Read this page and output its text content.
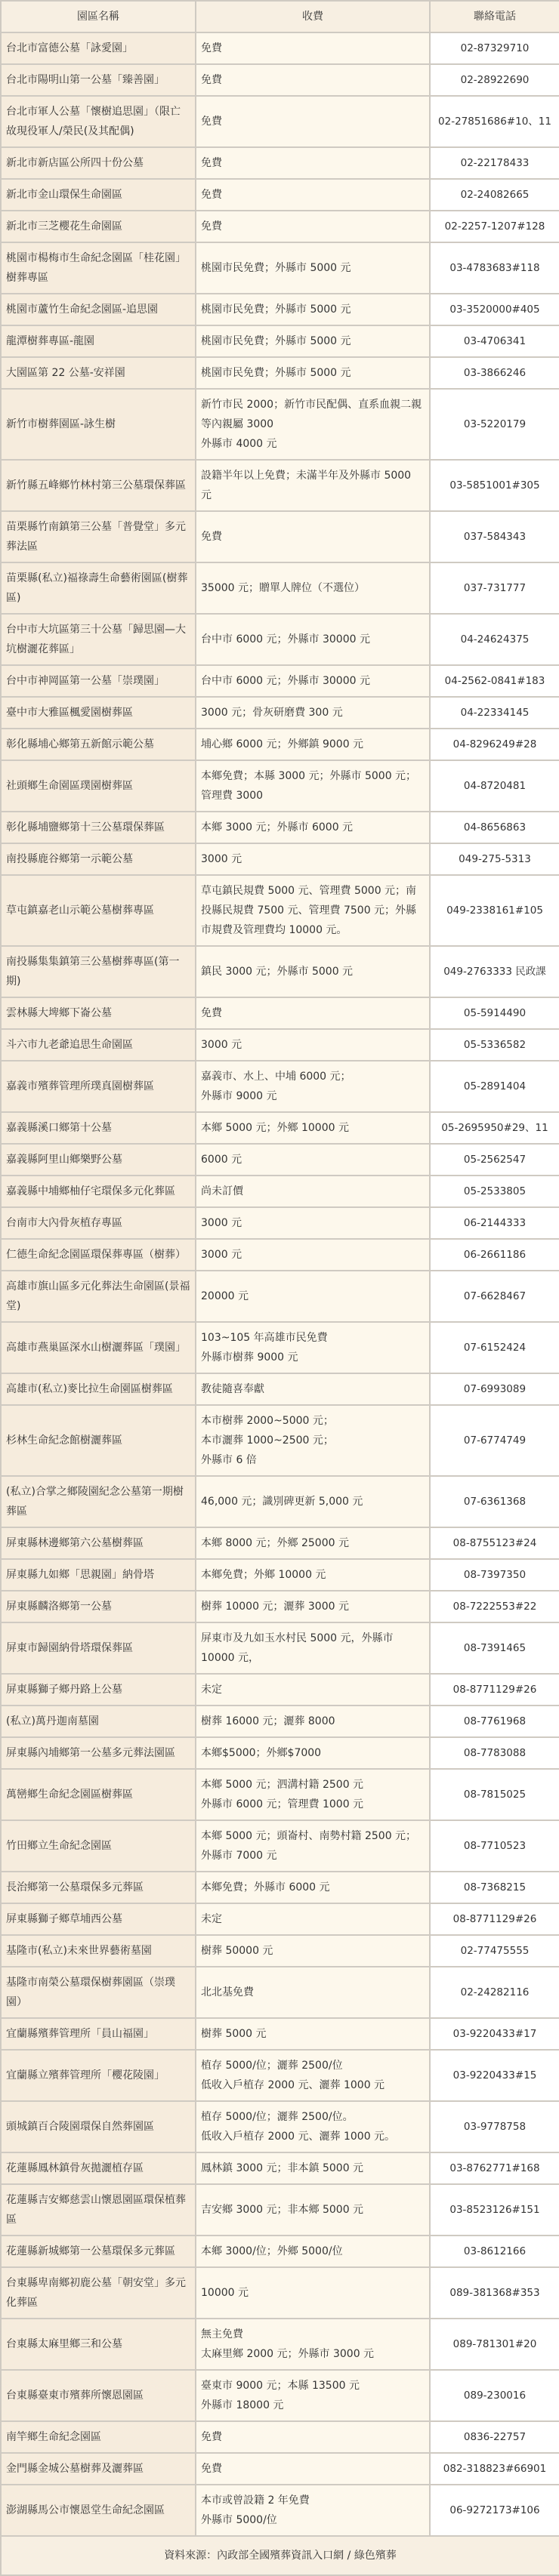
園區名稱	收費	聯絡電話
台北市富德公墓「詠愛園」	免費	02-87329710
台北市陽明山第一公墓「臻善園」	免費	02-28922690
台北市軍人公墓「懷樹追思園」（限亡故現役軍人/榮民(及其配偶)	免費	02-27851686#10、11
新北市新店區公所四十份公墓	免費	02-22178433
新北市金山環保生命園區	免費	02-24082665
新北市三芝櫻花生命園區	免費	02-2257-1207#128
桃園市楊梅市生命紀念園區「桂花園」樹葬專區	桃園市民免費；外縣市 5000 元	03-4783683#118
桃園市蘆竹生命紀念園區-追思園	桃園市民免費；外縣市 5000 元	03-3520000#405
龍潭樹葬專區-龍園	桃園市民免費；外縣市 5000 元	03-4706341
大園區第 22 公墓-安祥園	桃園市民免費；外縣市 5000 元	03-3866246
新竹市樹葬園區-詠生樹	新竹市民 2000；新竹市民配偶、直系血親二親等內親屬 3000
外縣市 4000 元	03-5220179
新竹縣五峰鄉竹林村第三公墓環保葬區	設籍半年以上免費；未滿半年及外縣市 5000 元	03-5851001#305
苗栗縣竹南鎮第三公墓「普覺堂」多元葬法區	免費	037-584343
苗栗縣(私立)福祿壽生命藝術園區(樹葬區)	35000 元；贈單人牌位（不選位）	037-731777
台中市大坑區第三十公墓「歸思園—大坑樹灑花葬區」	台中市 6000 元；外縣市 30000 元	04-24624375
台中市神岡區第一公墓「崇璞園」	台中市 6000 元；外縣市 30000 元	04-2562-0841#183
臺中市大雅區楓愛園樹葬區	3000 元；骨灰研磨費 300 元	04-22334145
彰化縣埔心鄉第五新館示範公墓	埔心鄉 6000 元；外鄉鎮 9000 元	04-8296249#28
社頭鄉生命園區璞園樹葬區	本鄉免費；本縣 3000 元；外縣市 5000 元；管理費 3000	04-8720481
彰化縣埔鹽鄉第十三公墓環保葬區	本鄉 3000 元；外縣市 6000 元	04-8656863
南投縣鹿谷鄉第一示範公墓	3000 元	049-275-5313
草屯鎮嘉老山示範公墓樹葬專區	草屯鎮民規費 5000 元、管理費 5000 元；南投縣民規費 7500 元、管理費 7500 元；外縣市規費及管理費均 10000 元。	049-2338161#105
南投縣集集鎮第三公墓樹葬專區(第一期)	鎮民 3000 元；外縣市 5000 元	049-2763333 民政課
雲林縣大埤鄉下崙公墓	免費	05-5914490
斗六市九老爺追思生命園區	3000 元	05-5336582
嘉義市殯葬管理所璞真園樹葬區	嘉義市、水上、中埔 6000 元；
外縣市 9000 元	05-2891404
嘉義縣溪口鄉第十公墓	本鄉 5000 元；外鄉 10000 元	05-2695950#29、11
嘉義縣阿里山鄉樂野公墓	6000 元	05-2562547
嘉義縣中埔鄉柚仔宅環保多元化葬區	尚未訂價	05-2533805
台南市大內骨灰植存專區	3000 元	06-2144333
仁德生命紀念園區環保葬專區（樹葬）	3000 元	06-2661186
高雄市旗山區多元化葬法生命園區(景福堂)	20000 元	07-6628467
高雄市燕巢區深水山樹灑葬區「璞園」	103~105 年高雄市民免費
外縣市樹葬 9000 元	07-6152424
高雄市(私立)麥比拉生命園區樹葬區	教徒隨喜奉獻	07-6993089
杉林生命紀念館樹灑葬區	本市樹葬 2000~5000 元；
本市灑葬 1000~2500 元；
外縣市 6 倍	07-6774749
(私立)合掌之鄉陵園紀念公墓第一期樹葬區	46,000 元；識別碑更新 5,000 元	07-6361368
屏東縣林邊鄉第六公墓樹葬區	本鄉 8000 元；外鄉 25000 元	08-8755123#24
屏東縣九如鄉「思親園」納骨塔	本鄉免費；外鄉 10000 元	08-7397350
屏東縣麟洛鄉第一公墓	樹葬 10000 元；灑葬 3000 元	08-7222553#22
屏東市歸園納骨塔環保葬區	屏東市及九如玉水村民 5000 元，外縣市 10000 元，	08-7391465
屏東縣獅子鄉丹路上公墓	未定	08-8771129#26
(私立)萬丹迦南墓園	樹葬 16000 元；灑葬 8000	08-7761968
屏東縣內埔鄉第一公墓多元葬法園區	本鄉$5000；外鄉$7000	08-7783088
萬巒鄉生命紀念園區樹葬區	本鄉 5000 元；泗溝村籍 2500 元
外縣市 6000 元；管理費 1000 元	08-7815025
竹田鄉立生命紀念園區	本鄉 5000 元；頭崙村、南勢村籍 2500 元；外縣市 7000 元	08-7710523
長治鄉第一公墓環保多元葬區	本鄉免費；外縣市 6000 元	08-7368215
屏東縣獅子鄉草埔西公墓	未定	08-8771129#26
基隆市(私立)未來世界藝術墓園	樹葬 50000 元	02-77475555
基隆市南榮公墓環保樹葬園區（崇璞園）	北北基免費	02-24282116
宜蘭縣殯葬管理所「員山福園」	樹葬 5000 元	03-9220433#17
宜蘭縣立殯葬管理所「櫻花陵園」	植存 5000/位；灑葬 2500/位
低收入戶植存 2000 元、灑葬 1000 元	03-9220433#15
頭城鎮百合陵園環保自然葬園區	植存 5000/位；灑葬 2500/位。
低收入戶植存 2000 元、灑葬 1000 元。	03-9778758
花蓮縣鳳林鎮骨灰拋灑植存區	鳳林鎮 3000 元；非本鎮 5000 元	03-8762771#168
花蓮縣吉安鄉慈雲山懷恩園區環保植葬區	吉安鄉 3000 元；非本鄉 5000 元	03-8523126#151
花蓮縣新城鄉第一公墓環保多元葬區	本鄉 3000/位；外鄉 5000/位	03-8612166
台東縣卑南鄉初鹿公墓「朝安堂」多元化葬區	10000 元	089-381368#353
台東縣太麻里鄉三和公墓	無主免費
太麻里鄉 2000 元；外縣市 3000 元	089-781301#20
台東縣臺東市殯葬所懷恩園區	臺東市 9000 元；本縣 13500 元
外縣市 18000 元	089-230016
南竿鄉生命紀念園區	免費	0836-22757
金門縣金城公墓樹葬及灑葬區	免費	082-318823#66901
澎湖縣馬公市懷恩堂生命紀念園區	本市或曾設籍 2 年免費
外縣市 5000/位	06-9272173#106
資料來源：內政部全國殯葬資訊入口網 / 綠色殯葬		
